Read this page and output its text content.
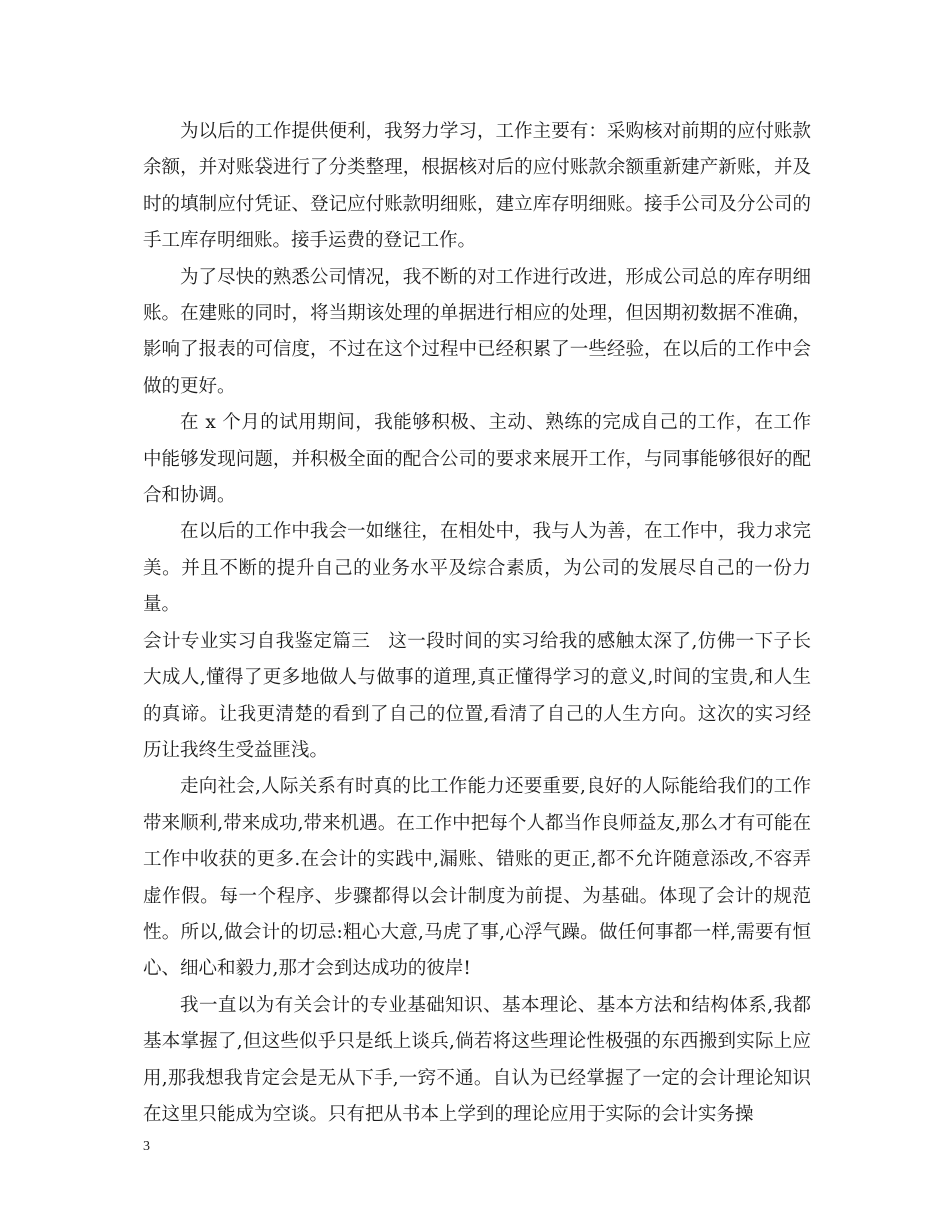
为以后的工作提供便利，我努力学习，工作主要有：采购核对前期的应付账款余额，并对账袋进行了分类整理，根据核对后的应付账款余额重新建产新账，并及时的填制应付凭证、登记应付账款明细账，建立库存明细账。接手公司及分公司的手工库存明细账。接手运费的登记工作。

为了尽快的熟悉公司情况，我不断的对工作进行改进，形成公司总的库存明细账。在建账的同时，将当期该处理的单据进行相应的处理，但因期初数据不准确，影响了报表的可信度，不过在这个过程中已经积累了一些经验，在以后的工作中会做的更好。

在 x 个月的试用期间，我能够积极、主动、熟练的完成自己的工作，在工作中能够发现问题，并积极全面的配合公司的要求来展开工作，与同事能够很好的配合和协调。

在以后的工作中我会一如继往，在相处中，我与人为善，在工作中，我力求完美。并且不断的提升自己的业务水平及综合素质，为公司的发展尽自己的一份力量。

会计专业实习自我鉴定篇三 这一段时间的实习给我的感触太深了,仿佛一下子长大成人,懂得了更多地做人与做事的道理,真正懂得学习的意义,时间的宝贵,和人生的真谛。让我更清楚的看到了自己的位置,看清了自己的人生方向。这次的实习经历让我终生受益匪浅。

走向社会,人际关系有时真的比工作能力还要重要,良好的人际能给我们的工作带来顺利,带来成功,带来机遇。在工作中把每个人都当作良师益友,那么才有可能在工作中收获的更多.在会计的实践中,漏账、错账的更正,都不允许随意添改,不容弄虚作假。每一个程序、步骤都得以会计制度为前提、为基础。体现了会计的规范性。所以,做会计的切忌:粗心大意,马虎了事,心浮气躁。做任何事都一样,需要有恒心、细心和毅力,那才会到达成功的彼岸!

我一直以为有关会计的专业基础知识、基本理论、基本方法和结构体系,我都基本掌握了,但这些似乎只是纸上谈兵,倘若将这些理论性极强的东西搬到实际上应用,那我想我肯定会是无从下手,一窍不通。自认为已经掌握了一定的会计理论知识在这里只能成为空谈。只有把从书本上学到的理论应用于实际的会计实务操

3
